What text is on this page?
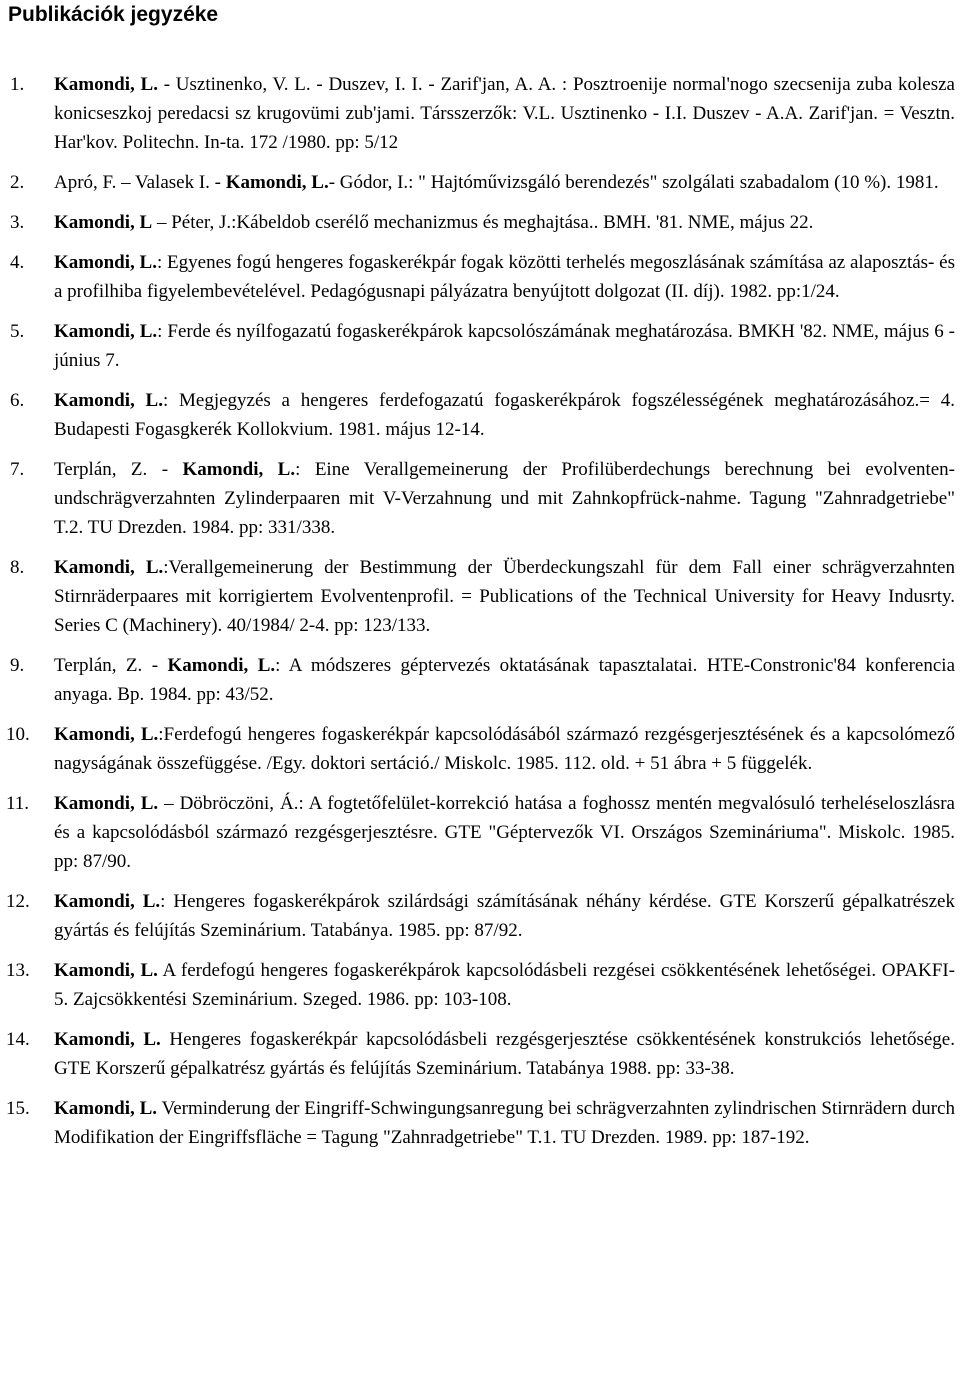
Publikációk jegyzéke
1. Kamondi, L. - Usztinenko, V. L. - Duszev, I. I. - Zarif'jan, A. A. : Posztroenije normal'nogo szecsenija zuba kolesza konicseszkoj peredacsi sz krugovümi zub'jami. Társszerzők: V.L. Usztinenko - I.I. Duszev - A.A. Zarif'jan. = Vesztn. Har'kov. Politechn. In-ta. 172 /1980. pp: 5/12
2. Apró, F. – Valasek I. - Kamondi, L.- Gódor, I.: " Hajtóművizsgáló berendezés" szolgálati szabadalom (10 %). 1981.
3. Kamondi, L – Péter, J.:Kábeldob cserélő mechanizmus és meghajtása.. BMH. '81. NME, május 22.
4. Kamondi, L.: Egyenes fogú hengeres fogaskerékpár fogak közötti terhelés megoszlásának számítása az alaposztás- és a profilhiba figyelembevételével. Pedagógusnapi pályázatra benyújtott dolgozat (II. díj). 1982. pp:1/24.
5. Kamondi, L.: Ferde és nyílfogazatú fogaskerékpárok kapcsolószámának meghatározása. BMKH '82. NME, május 6 - június 7.
6. Kamondi, L.: Megjegyzés a hengeres ferdefogazatú fogaskerékpárok fogszélességének meghatározásához.= 4. Budapesti Fogasgkerék Kollokvium. 1981. május 12-14.
7. Terplán, Z. - Kamondi, L.: Eine Verallgemeinerung der Profilüberdechungs berechnung bei evolventen- undschrägverzahnten Zylinderpaaren mit V-Verzahnung und mit Zahnkopfrück-nahme. Tagung "Zahnradgetriebe" T.2. TU Drezden. 1984. pp: 331/338.
8. Kamondi, L.:Verallgemeinerung der Bestimmung der Überdeckungszahl für dem Fall einer schrägverzahnten Stirnräderpaares mit korrigiertem Evolventenprofil. = Publications of the Technical University for Heavy Indusrty. Series C (Machinery). 40/1984/ 2-4. pp: 123/133.
9. Terplán, Z. - Kamondi, L.: A módszeres géptervezés oktatásának tapasztalatai. HTE-Constronic'84 konferencia anyaga. Bp. 1984. pp: 43/52.
10. Kamondi, L.:Ferdefogú hengeres fogaskerékpár kapcsolódásából származó rezgésgerjesztésének és a kapcsolómező nagyságának összefüggése. /Egy. doktori sertáció./ Miskolc. 1985. 112. old. + 51 ábra + 5 függelék.
11. Kamondi, L. – Döbröczöni, Á.: A fogtetőfelület-korrekció hatása a foghossz mentén megvalósuló terheléseloszlásra és a kapcsolódásból származó rezgésgerjesztésre. GTE "Géptervezők VI. Országos Szemináriuma". Miskolc. 1985. pp: 87/90.
12. Kamondi, L.: Hengeres fogaskerékpárok szilárdsági számításának néhány kérdése. GTE Korszerű gépalkatrészek gyártás és felújítás Szeminárium. Tatabánya. 1985. pp: 87/92.
13. Kamondi, L. A ferdefogú hengeres fogaskerékpárok kapcsolódásbeli rezgései csökkentésének lehetőségei. OPAKFI-5. Zajcsökkentési Szeminárium. Szeged. 1986. pp: 103-108.
14. Kamondi, L. Hengeres fogaskerékpár kapcsolódásbeli rezgésgerjesztése csökkentésének konstrukciós lehetősége. GTE Korszerű gépalkatrész gyártás és felújítás Szeminárium. Tatabánya 1988. pp: 33-38.
15. Kamondi, L. Verminderung der Eingriff-Schwingungsanregung bei schrägverzahnten zylindrischen Stirnrädern durch Modifikation der Eingriffsfläche = Tagung "Zahnradgetriebe" T.1. TU Drezden. 1989. pp: 187-192.
